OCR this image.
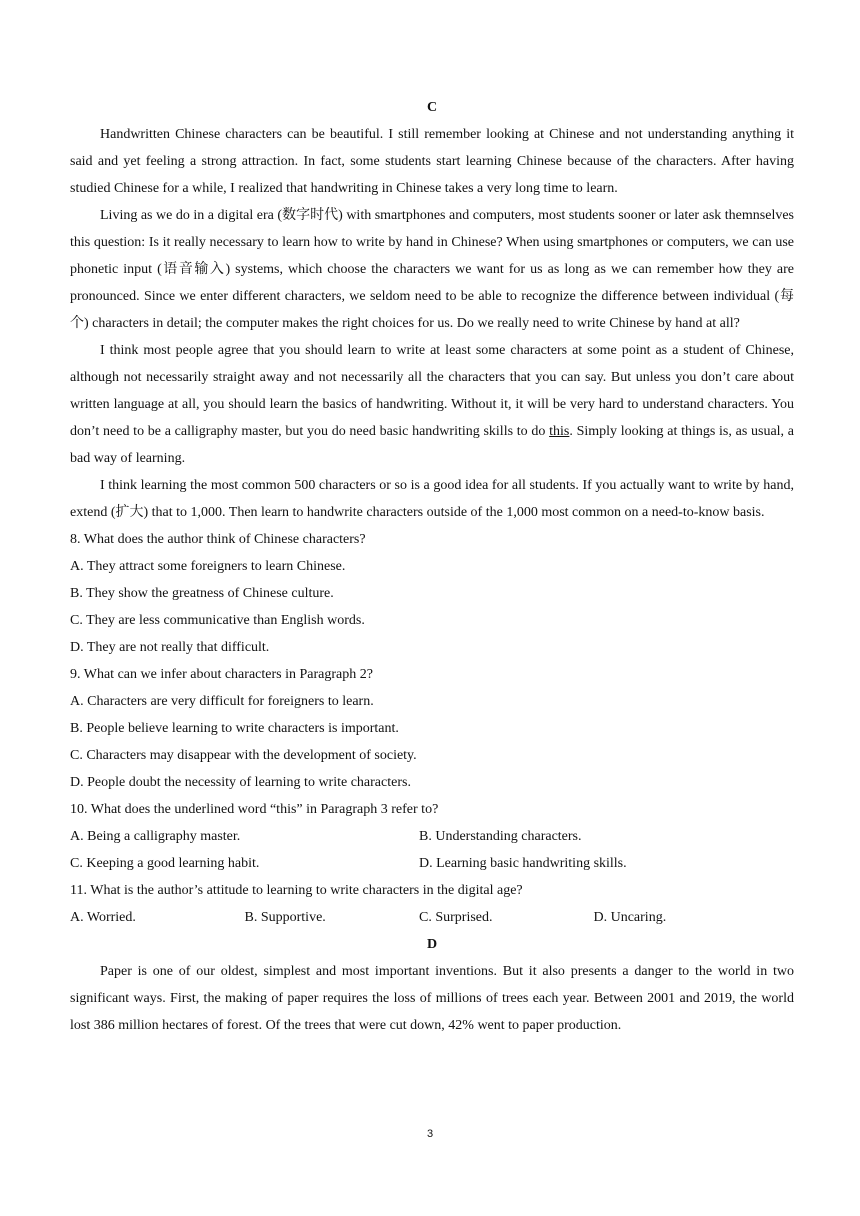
C

Handwritten Chinese characters can be beautiful. I still remember looking at Chinese and not understanding anything it said and yet feeling a strong attraction. In fact, some students start learning Chinese because of the characters. After having studied Chinese for a while, I realized that handwriting in Chinese takes a very long time to learn.

Living as we do in a digital era (数字时代) with smartphones and computers, most students sooner or later ask themnselves this question: Is it really necessary to learn how to write by hand in Chinese? When using smartphones or computers, we can use phonetic input (语音输入) systems, which choose the characters we want for us as long as we can remember how they are pronounced. Since we enter different characters, we seldom need to be able to recognize the difference between individual (每个) characters in detail; the computer makes the right choices for us. Do we really need to write Chinese by hand at all?

I think most people agree that you should learn to write at least some characters at some point as a student of Chinese, although not necessarily straight away and not necessarily all the characters that you can say. But unless you don’t care about written language at all, you should learn the basics of handwriting. Without it, it will be very hard to understand characters. You don’t need to be a calligraphy master, but you do need basic handwriting skills to do this. Simply looking at things is, as usual, a bad way of learning.

I think learning the most common 500 characters or so is a good idea for all students. If you actually want to write by hand, extend (扩大) that to 1,000. Then learn to handwrite characters outside of the 1,000 most common on a need-to-know basis.

8. What does the author think of Chinese characters?
A. They attract some foreigners to learn Chinese.
B. They show the greatness of Chinese culture.
C. They are less communicative than English words.
D. They are not really that difficult.
9. What can we infer about characters in Paragraph 2?
A. Characters are very difficult for foreigners to learn.
B. People believe learning to write characters is important.
C. Characters may disappear with the development of society.
D. People doubt the necessity of learning to write characters.
10. What does the underlined word “this” in Paragraph 3 refer to?
A. Being a calligraphy master.	B. Understanding characters.
C. Keeping a good learning habit.	D. Learning basic handwriting skills.
11. What is the author’s attitude to learning to write characters in the digital age?
A. Worried.	B. Supportive.	C. Surprised.	D. Uncaring.
D

Paper is one of our oldest, simplest and most important inventions. But it also presents a danger to the world in two significant ways. First, the making of paper requires the loss of millions of trees each year. Between 2001 and 2019, the world lost 386 million hectares of forest. Of the trees that were cut down, 42% went to paper production.

3
